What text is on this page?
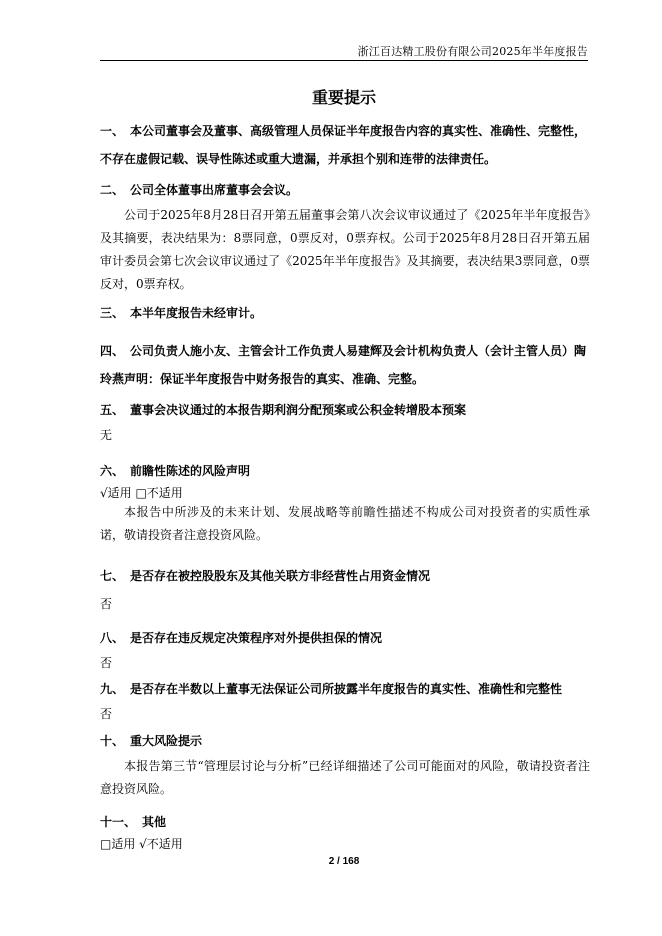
浙江百达精工股份有限公司2025年半年度报告
重要提示
一、 本公司董事会及董事、高级管理人员保证半年度报告内容的真实性、准确性、完整性，不存在虚假记载、误导性陈述或重大遗漏，并承担个别和连带的法律责任。
二、 公司全体董事出席董事会会议。
公司于2025年8月28日召开第五届董事会第八次会议审议通过了《2025年半年度报告》及其摘要，表决结果为：8票同意，0票反对，0票弃权。公司于2025年8月28日召开第五届审计委员会第七次会议审议通过了《2025年半年度报告》及其摘要，表决结果3票同意，0票反对，0票弃权。
三、 本半年度报告未经审计。
四、 公司负责人施小友、主管会计工作负责人易建辉及会计机构负责人（会计主管人员）陶玲燕声明：保证半年度报告中财务报告的真实、准确、完整。
五、 董事会决议通过的本报告期利润分配预案或公积金转增股本预案
无
六、 前瞻性陈述的风险声明
√适用 □不适用
本报告中所涉及的未来计划、发展战略等前瞻性描述不构成公司对投资者的实质性承诺，敬请投资者注意投资风险。
七、 是否存在被控股股东及其他关联方非经营性占用资金情况
否
八、 是否存在违反规定决策程序对外提供担保的情况
否
九、 是否存在半数以上董事无法保证公司所披露半年度报告的真实性、准确性和完整性
否
十、 重大风险提示
本报告第三节“管理层讨论与分析”已经详细描述了公司可能面对的风险，敬请投资者注意投资风险。
十一、 其他
□适用 √不适用
2 / 168
